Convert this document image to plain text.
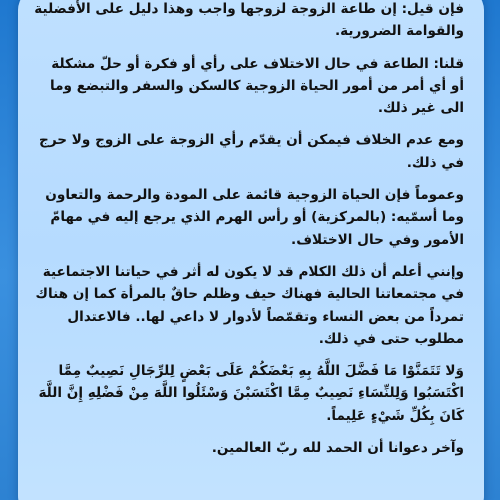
فإن قيل: إن طاعة الزوجة لزوجها واجب وهذا دليل على الأفضلية والقوامة الضرورية.

قلنا: الطاعة في حال الاختلاف على رأي أو فكرة أو حلّ مشكلة أو أي أمر من أمور الحياة الزوجية كالسكن والسفر والتبضع وما الى غير ذلك.

ومع عدم الخلاف فيمكن أن يقدّم رأي الزوجة على الزوج ولا حرج في ذلك.

وعموماً فإن الحياة الزوجية قائمة على المودة والرحمة والتعاون وما أسمّيه: (بالمركزية) أو رأس الهرم الذي يرجع إليه في مهامّ الأمور وفي حال الاختلاف.

وإنني أعلم أن ذلك الكلام قد لا يكون له أثر في حياتنا الاجتماعية في مجتمعاتنا الحالية فهناك حيف وظلم حاقٌ بالمرأة كما إن هناك تمرداً من بعض النساء وتقمّصاً لأدوار لا داعي لها.. فالاعتدال مطلوب حتى في ذلك.

وَلا تَتَمَنَّوْا مَا فَضَّلَ اللَّهُ بِهِ بَعْضَكُمْ عَلَى بَعْضٍ لِلرِّجَالِ نَصِيبٌ مِمَّا اكْتَسَبُوا وَلِلنِّسَاءِ نَصِيبٌ مِمَّا اكْتَسَبْنَ وَسْئَلُوا اللَّهَ مِنْ فَضْلِهِ إِنَّ اللَّهَ كَانَ بِكُلِّ شَيْءٍ عَلِيماً.

وآخر دعوانا أن الحمد لله ربّ العالمين.
